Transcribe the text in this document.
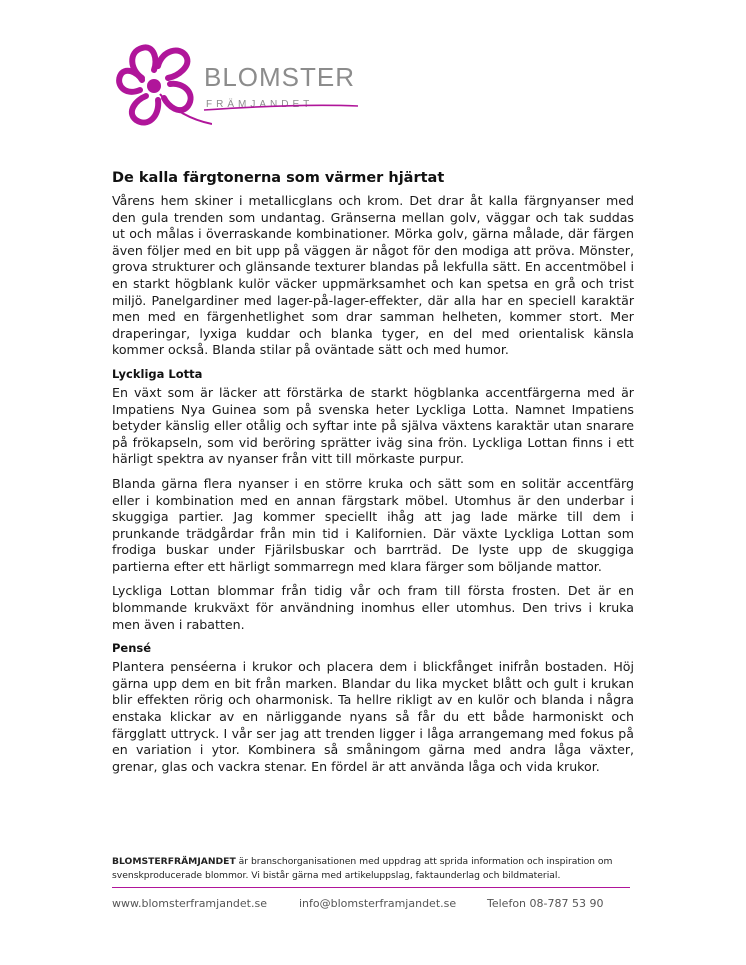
BLOMSTER
FRÄMJANDET
De kalla färgtonerna som värmer hjärtat

Vårens hem skiner i metallicglans och krom. Det drar åt kalla färgnyanser med den gula trenden som undantag. Gränserna mellan golv, väggar och tak suddas ut och målas i överraskande kombinationer. Mörka golv, gärna målade, där färgen även följer med en bit upp på väggen är något för den modiga att pröva. Mönster, grova strukturer och glänsande texturer blandas på lekfulla sätt. En accentmöbel i en starkt högblank kulör väcker uppmärksamhet och kan spetsa en grå och trist miljö. Panelgardiner med lager-på-lager-effekter, där alla har en speciell karaktär men med en färgenhetlighet som drar samman helheten, kommer stort. Mer draperingar, lyxiga kuddar och blanka tyger, en del med orientalisk känsla kommer också. Blanda stilar på oväntade sätt och med humor.

Lyckliga Lotta

En växt som är läcker att förstärka de starkt högblanka accentfärgerna med är Impatiens Nya Guinea som på svenska heter Lyckliga Lotta. Namnet Impatiens betyder känslig eller otålig och syftar inte på själva växtens karaktär utan snarare på frökapseln, som vid beröring sprätter iväg sina frön. Lyckliga Lottan finns i ett härligt spektra av nyanser från vitt till mörkaste purpur.

Blanda gärna flera nyanser i en större kruka och sätt som en solitär accentfärg eller i kombination med en annan färgstark möbel. Utomhus är den underbar i skuggiga partier. Jag kommer speciellt ihåg att jag lade märke till dem i prunkande trädgårdar från min tid i Kalifornien. Där växte Lyckliga Lottan som frodiga buskar under Fjärilsbuskar och barrträd. De lyste upp de skuggiga partierna efter ett härligt sommarregn med klara färger som böljande mattor.

Lyckliga Lottan blommar från tidig vår och fram till första frosten. Det är en blommande krukväxt för användning inomhus eller utomhus. Den trivs i kruka men även i rabatten.

Pensé

Plantera penséerna i krukor och placera dem i blickfånget inifrån bostaden. Höj gärna upp dem en bit från marken. Blandar du lika mycket blått och gult i krukan blir effekten rörig och oharmonisk. Ta hellre rikligt av en kulör och blanda i några enstaka klickar av en närliggande nyans så får du ett både harmoniskt och färgglatt uttryck. I vår ser jag att trenden ligger i låga arrangemang med fokus på en variation i ytor. Kombinera så småningom gärna med andra låga växter, grenar, glas och vackra stenar. En fördel är att använda låga och vida krukor.

BLOMSTERFRÄMJANDET är branschorganisationen med uppdrag att sprida information och inspiration om svenskproducerade blommor. Vi bistår gärna med artikeluppslag, faktaunderlag och bildmaterial.
www.blomsterframjandet.se	info@blomsterframjandet.se	Telefon 08-787 53 90
